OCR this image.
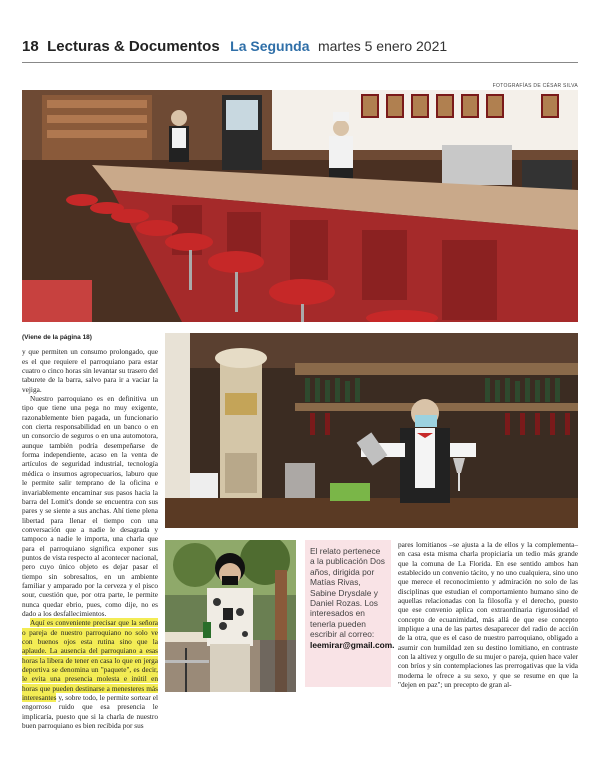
18 Lecturas & Documentos La Segunda martes 5 enero 2021
FOTOGRAFÍAS DE CÉSAR SILVA

(Viene de la página 18)

y que permiten un consumo prolongado, que es el que requiere el parroquiano para estar cuatro o cinco horas sin levantar su trasero del taburete de la barra, salvo para ir a vaciar la vejiga.

Nuestro parroquiano es en definitiva un tipo que tiene una pega no muy exigente, razonablemente bien pagada, un funcionario con cierta responsabilidad en un banco o en un consorcio de seguros o en una automotora, aunque también podría desempeñarse de forma independiente, acaso en la venta de artículos de seguridad industrial, tecnología médica o insumos agropecuarios, laburo que le permite salir temprano de la oficina e invariablemente encaminar sus pasos hacia la barra del Lomit's donde se encuentra con sus pares y se siente a sus anchas. Ahí tiene plena libertad para llenar el tiempo con una conversación que a nadie le desagrada y tampoco a nadie le importa, una charla que para el parroquiano significa exponer sus puntos de vista respecto al acontecer nacional, pero cuyo único objeto es dejar pasar el tiempo sin sobresaltos, en un ambiente familiar y amparado por la cerveza y el pisco sour, cuestión que, por otra parte, le permite nunca quedar ebrio, pues, como dije, no es dado a los desfallecimientos.

Aquí es conveniente precisar que la señora o pareja de nuestro parroquiano no solo ve con buenos ojos esta rutina sino que la aplaude. La ausencia del parroquiano a esas horas la libera de tener en casa lo que en jerga deportiva se denomina un "paquete", es decir, le evita una presencia molesta e inútil en horas que pueden destinarse a menesteres más interesantes y, sobre todo, le permite sortear el engorroso ruido que esa presencia le implicaría, puesto que si la charla de nuestro buen parroquiano es bien recibida por sus

El relato pertenece a la publicación Dos años, dirigida por Matías Rivas, Sabine Drysdale y Daniel Rozas. Los interesados en tenerla pueden escribir al correo: leemirar@gmail.com.

pares lomitianos –se ajusta a la de ellos y la complementa– en casa esta misma charla propiciaría un tedio más grande que la comuna de La Florida. En ese sentido ambos han establecido un convenio tácito, y no uno cualquiera, sino uno que merece el reconocimiento y admiración no solo de las disciplinas que estudian el comportamiento humano sino de aquellas relacionadas con la filosofía y el derecho, puesto que ese convenio aplica con extraordinaria rigurosidad el concepto de ecuanimidad, más allá de que ese concepto implique a una de las partes desaparecer del radio de acción de la otra, que es el caso de nuestro parroquiano, obligado a asumir con humildad zen su destino lomitiano, en contraste con la altivez y orgullo de su mujer o pareja, quien hace valer con bríos y sin contemplaciones las prerrogativas que la vida moderna le ofrece a su sexo, y que se resume en que la "dejen en paz"; un precepto de gran al-
